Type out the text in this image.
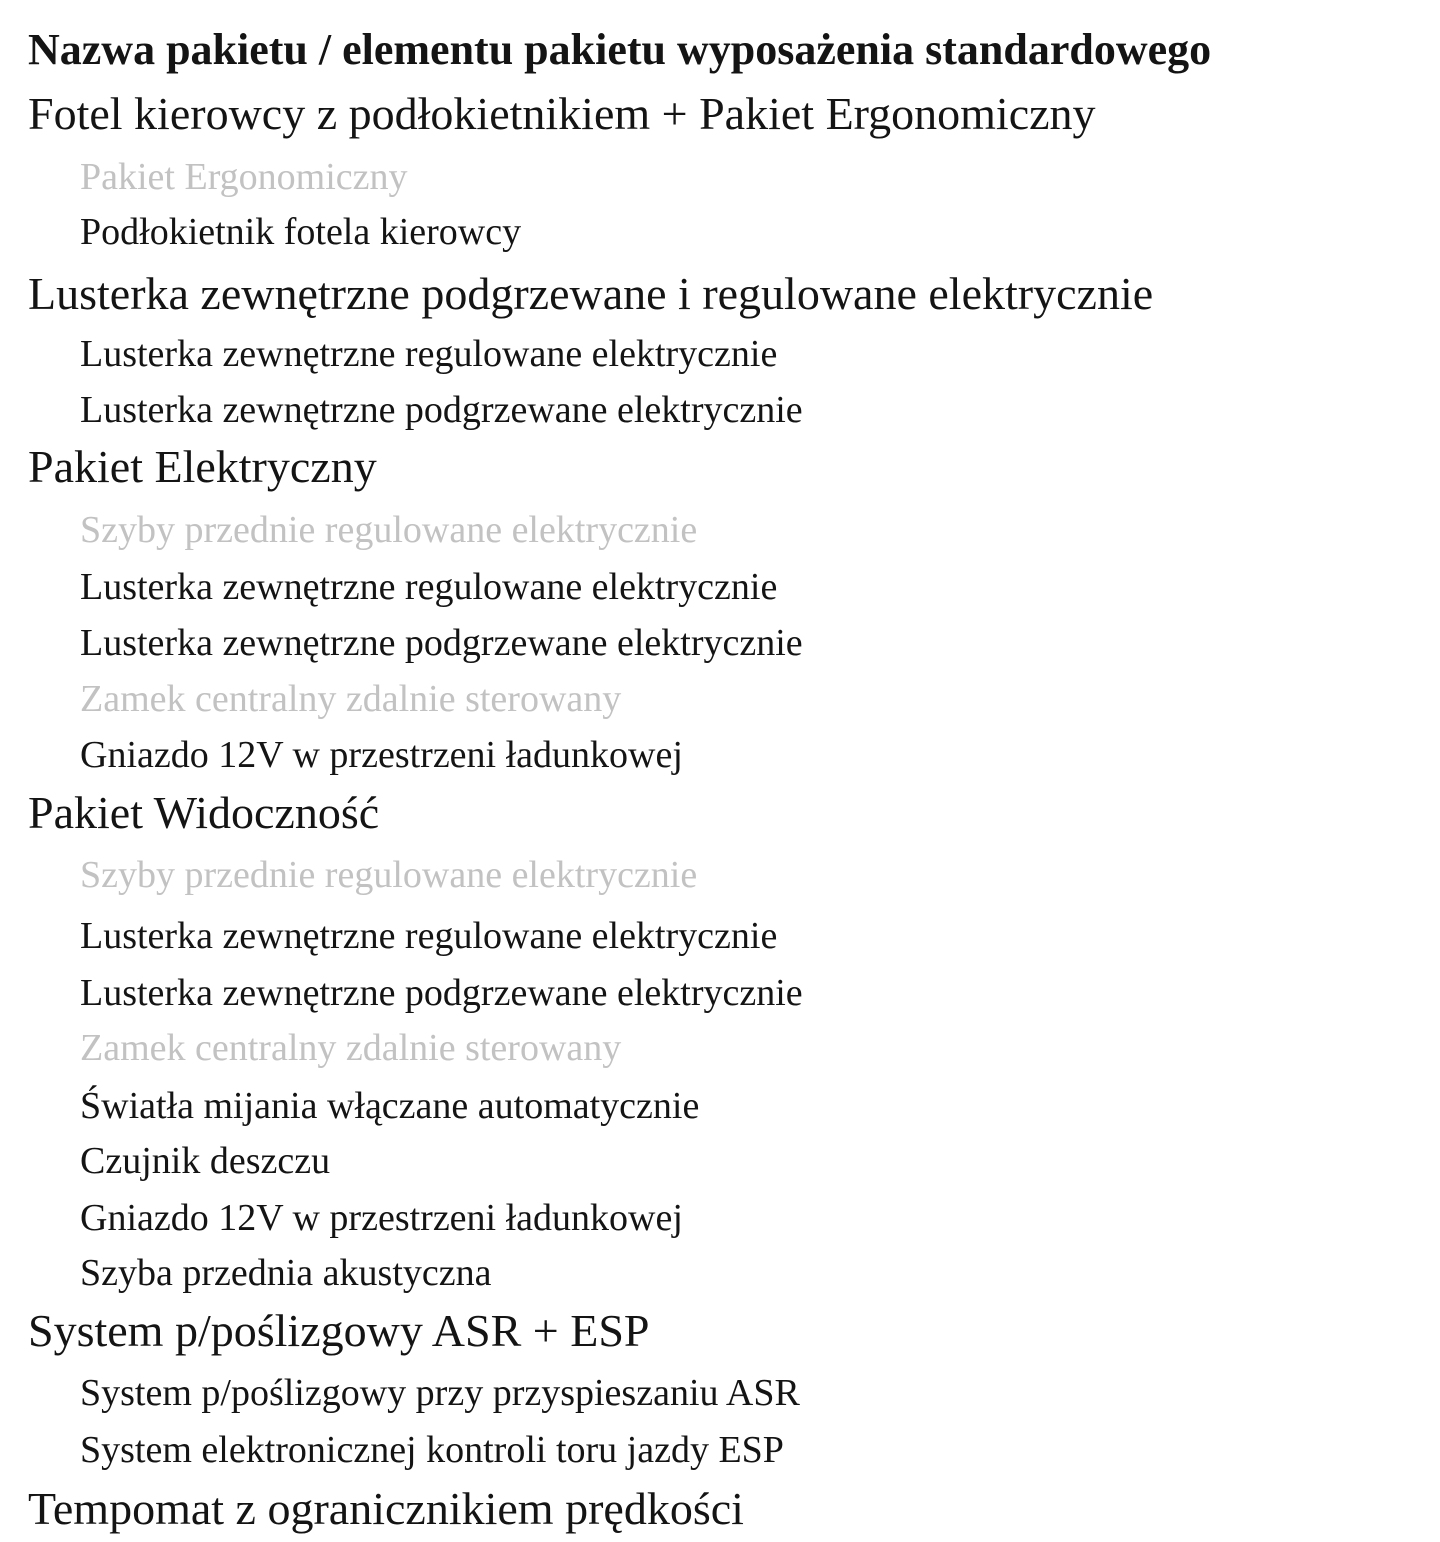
Nazwa pakietu / elementu pakietu wyposażenia standardowego
Fotel kierowcy z podłokietnikiem + Pakiet Ergonomiczny
Pakiet Ergonomiczny
Podłokietnik fotela kierowcy
Lusterka zewnętrzne podgrzewane i regulowane elektrycznie
Lusterka zewnętrzne regulowane elektrycznie
Lusterka zewnętrzne podgrzewane elektrycznie
Pakiet Elektryczny
Szyby przednie regulowane elektrycznie
Lusterka zewnętrzne regulowane elektrycznie
Lusterka zewnętrzne podgrzewane elektrycznie
Zamek centralny zdalnie sterowany
Gniazdo 12V w przestrzeni ładunkowej
Pakiet Widoczność
Szyby przednie regulowane elektrycznie
Lusterka zewnętrzne regulowane elektrycznie
Lusterka zewnętrzne podgrzewane elektrycznie
Zamek centralny zdalnie sterowany
Światła mijania włączane automatycznie
Czujnik deszczu
Gniazdo 12V w przestrzeni ładunkowej
Szyba przednia akustyczna
System p/poślizgowy ASR + ESP
System p/poślizgowy przy przyspieszaniu ASR
System elektronicznej kontroli toru jazdy ESP
Tempomat z ogranicznikiem prędkości
